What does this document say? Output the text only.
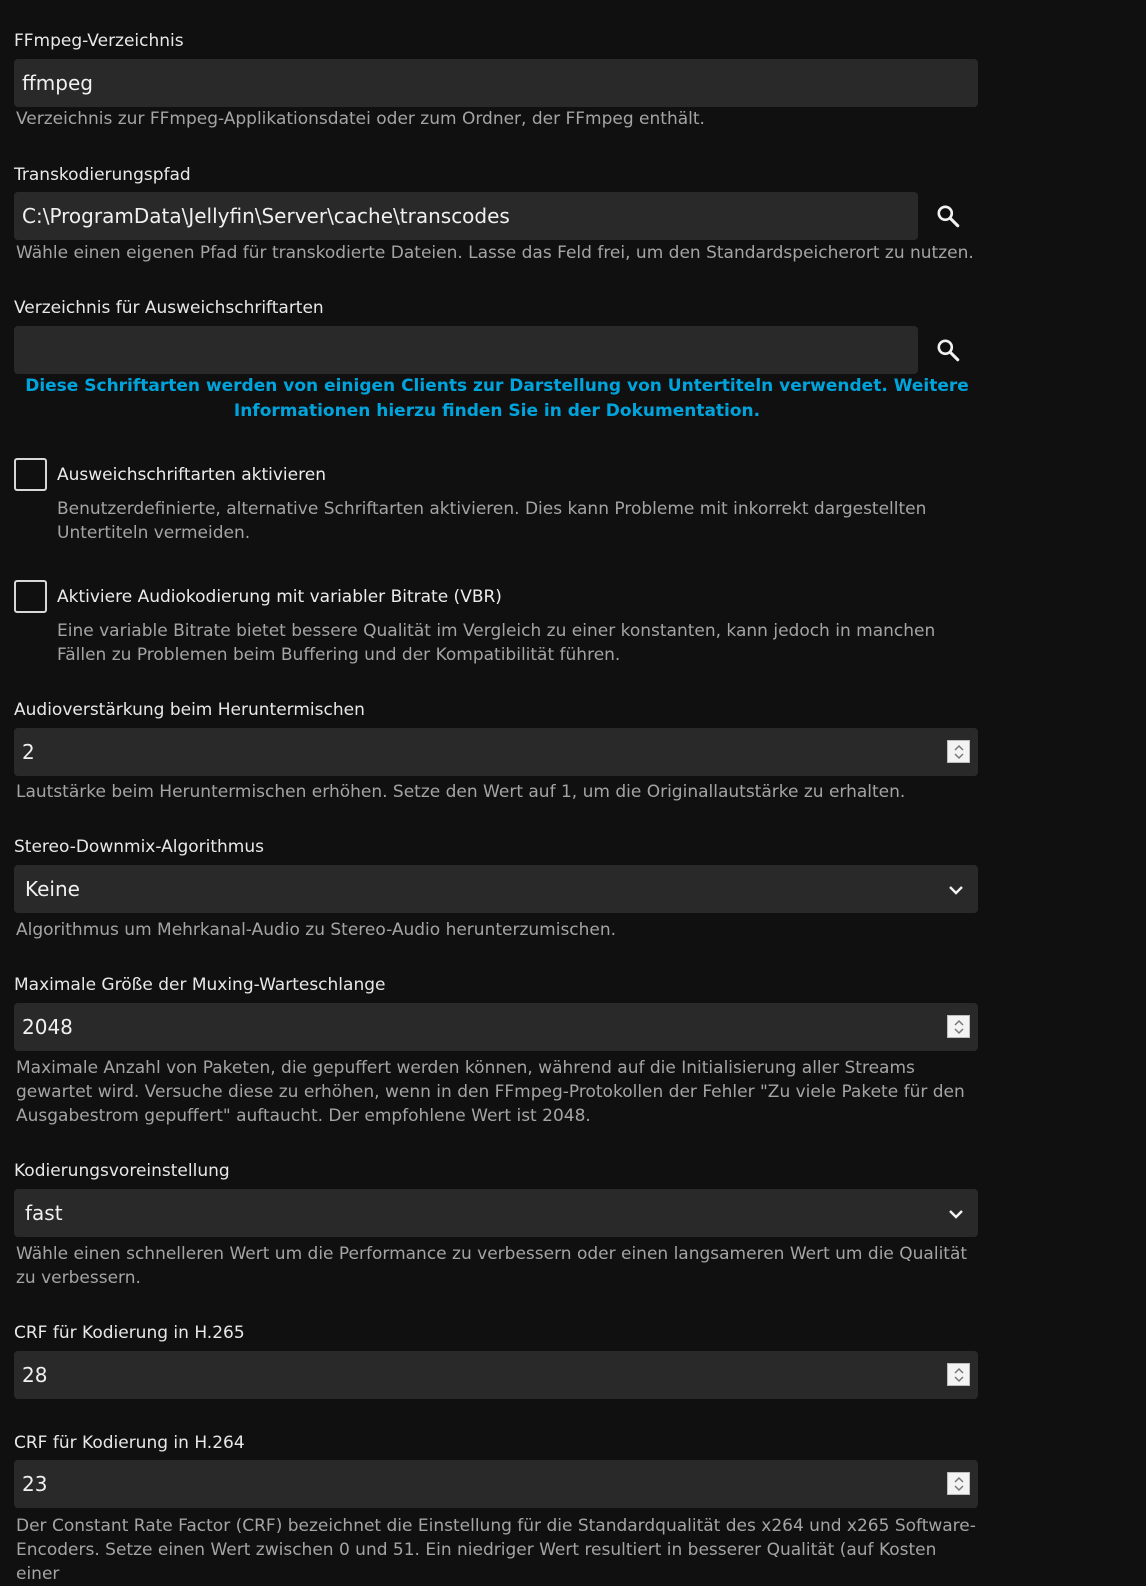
FFmpeg-Verzeichnis
ffmpeg
Verzeichnis zur FFmpeg-Applikationsdatei oder zum Ordner, der FFmpeg enthält.
Transkodierungspfad
C:\ProgramData\Jellyfin\Server\cache\transcodes
Wähle einen eigenen Pfad für transkodierte Dateien. Lasse das Feld frei, um den Standardspeicherort zu nutzen.
Verzeichnis für Ausweichschriftarten
Diese Schriftarten werden von einigen Clients zur Darstellung von Untertiteln verwendet. Weitere Informationen hierzu finden Sie in der Dokumentation.
Ausweichschriftarten aktivieren
Benutzerdefinierte, alternative Schriftarten aktivieren. Dies kann Probleme mit inkorrekt dargestellten Untertiteln vermeiden.
Aktiviere Audiokodierung mit variabler Bitrate (VBR)
Eine variable Bitrate bietet bessere Qualität im Vergleich zu einer konstanten, kann jedoch in manchen Fällen zu Problemen beim Buffering und der Kompatibilität führen.
Audioverstärkung beim Heruntermischen
2
Lautstärke beim Heruntermischen erhöhen. Setze den Wert auf 1, um die Originallautstärke zu erhalten.
Stereo-Downmix-Algorithmus
Keine
Algorithmus um Mehrkanal-Audio zu Stereo-Audio herunterzumischen.
Maximale Größe der Muxing-Warteschlange
2048
Maximale Anzahl von Paketen, die gepuffert werden können, während auf die Initialisierung aller Streams gewartet wird. Versuche diese zu erhöhen, wenn in den FFmpeg-Protokollen der Fehler "Zu viele Pakete für den Ausgabestrom gepuffert" auftaucht. Der empfohlene Wert ist 2048.
Kodierungsvoreinstellung
fast
Wähle einen schnelleren Wert um die Performance zu verbessern oder einen langsameren Wert um die Qualität zu verbessern.
CRF für Kodierung in H.265
28
CRF für Kodierung in H.264
23
Der Constant Rate Factor (CRF) bezeichnet die Einstellung für die Standardqualität des x264 und x265 Software-Encoders. Setze einen Wert zwischen 0 und 51. Ein niedriger Wert resultiert in besserer Qualität (auf Kosten einer
